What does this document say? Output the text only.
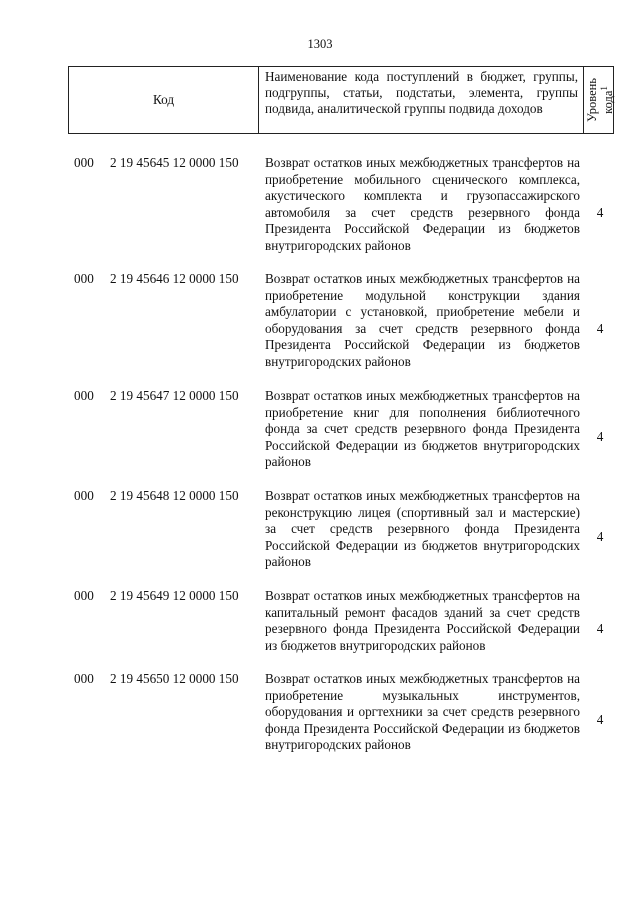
1303
Код
Наименование кода поступлений в бюджет, группы, подгруппы, статьи, подстатьи, элемента, группы подвида, аналитической группы подвида доходов	Уровень кода$^1$
000 2 19 45645 12 0000 150 Возврат остатков иных межбюджетных трансфертов на приобретение мобильного сценического комплекса, акустического комплекта и грузопассажирского автомобиля за счет средств резервного фонда Президента Российской Федерации из бюджетов внутригородских районов
4
000 2 19 45646 12 0000 150 Возврат остатков иных межбюджетных трансфертов на приобретение модульной конструкции здания амбулатории с установкой, приобретение мебели и оборудования за счет средств резервного фонда Президента Российской Федерации из бюджетов внутригородских районов
4
000 2 19 45647 12 0000 150 Возврат остатков иных межбюджетных трансфертов на приобретение книг для пополнения библиотечного фонда за счет средств резервного фонда Президента Российской Федерации из бюджетов внутригородских районов
4
000 2 19 45648 12 0000 150 Возврат остатков иных межбюджетных трансфертов на реконструкцию лицея (спортивный зал и мастерские) за счет средств резервного фонда Президента Российской Федерации из бюджетов внутригородских районов
4
000 2 19 45649 12 0000 150 Возврат остатков иных межбюджетных трансфертов на капитальный ремонт фасадов зданий за счет средств резервного фонда Президента Российской Федерации из бюджетов внутригородских районов
4
000 2 19 45650 12 0000 150 Возврат остатков иных межбюджетных трансфертов на приобретение музыкальных инструментов, оборудования и оргтехники за счет средств резервного фонда Президента Российской Федерации из бюджетов внутригородских районов
4
